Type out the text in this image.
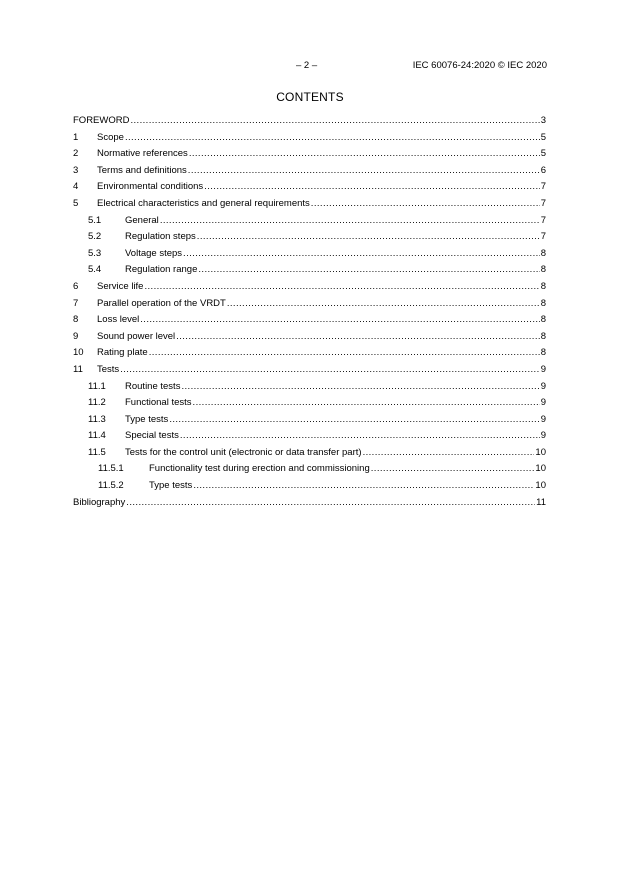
– 2 –	IEC 60076-24:2020 © IEC 2020
CONTENTS
FOREWORD .....	3
1	Scope .....	5
2	Normative references .....	5
3	Terms and definitions .....	6
4	Environmental conditions .....	7
5	Electrical characteristics and general requirements .....	7
5.1	General .....	7
5.2	Regulation steps .....	7
5.3	Voltage steps .....	8
5.4	Regulation range .....	8
6	Service life .....	8
7	Parallel operation of the VRDT .....	8
8	Loss level .....	8
9	Sound power level .....	8
10	Rating plate .....	8
11	Tests .....	9
11.1	Routine tests .....	9
11.2	Functional tests .....	9
11.3	Type tests .....	9
11.4	Special tests .....	9
11.5	Tests for the control unit (electronic or data transfer part) .....	10
11.5.1	Functionality test during erection and commissioning .....	10
11.5.2	Type tests .....	10
Bibliography .....	11
